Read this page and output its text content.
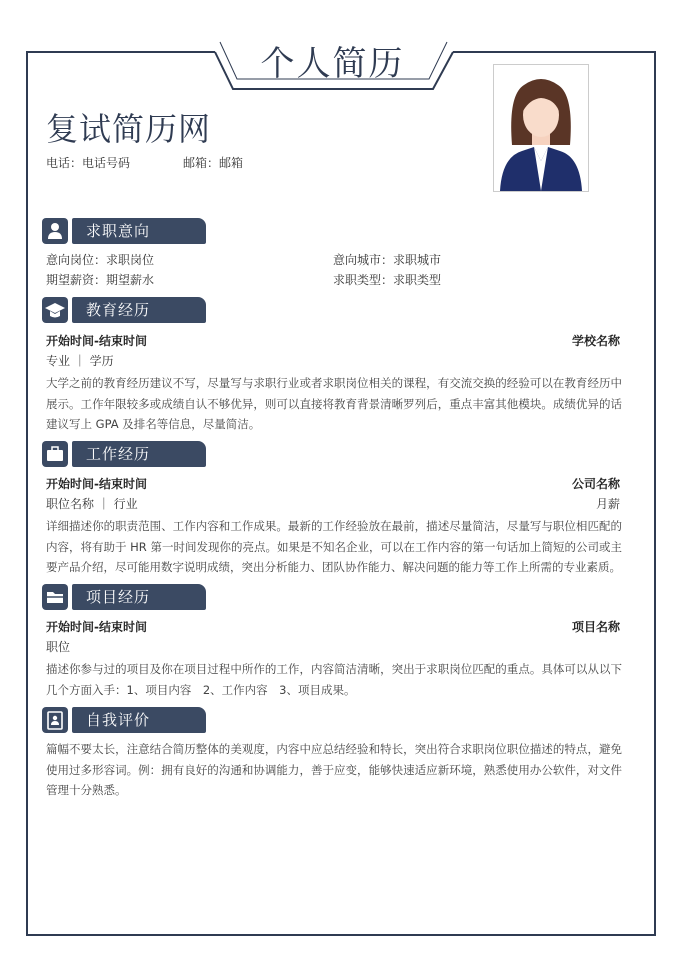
个人简历
复试简历网
电话：电话号码	邮箱：邮箱
求职意向
意向岗位：求职岗位	意向城市：求职城市
期望薪资：期望薪水	求职类型：求职类型
教育经历
开始时间-结束时间	学校名称
专业 ｜ 学历
大学之前的教育经历建议不写，尽量写与求职行业或者求职岗位相关的课程，有交流交换的经验可以在教育经历中展示。工作年限较多或成绩自认不够优异，则可以直接将教育背景清晰罗列后，重点丰富其他模块。成绩优异的话建议写上 GPA 及排名等信息，尽量简洁。
工作经历
开始时间-结束时间	公司名称
职位名称 ｜ 行业	月薪
详细描述你的职责范围、工作内容和工作成果。最新的工作经验放在最前，描述尽量简洁，尽量写与职位相匹配的内容，将有助于 HR 第一时间发现你的亮点。如果是不知名企业，可以在工作内容的第一句话加上简短的公司或主要产品介绍，尽可能用数字说明成绩，突出分析能力、团队协作能力、解决问题的能力等工作上所需的专业素质。
项目经历
开始时间-结束时间	项目名称
职位
描述你参与过的项目及你在项目过程中所作的工作，内容简洁清晰，突出于求职岗位匹配的重点。具体可以从以下几个方面入手：1、项目内容　2、工作内容　3、项目成果。
自我评价
篇幅不要太长，注意结合简历整体的美观度，内容中应总结经验和特长，突出符合求职岗位职位描述的特点，避免使用过多形容词。例：拥有良好的沟通和协调能力，善于应变，能够快速适应新环境，熟悉使用办公软件，对文件管理十分熟悉。
